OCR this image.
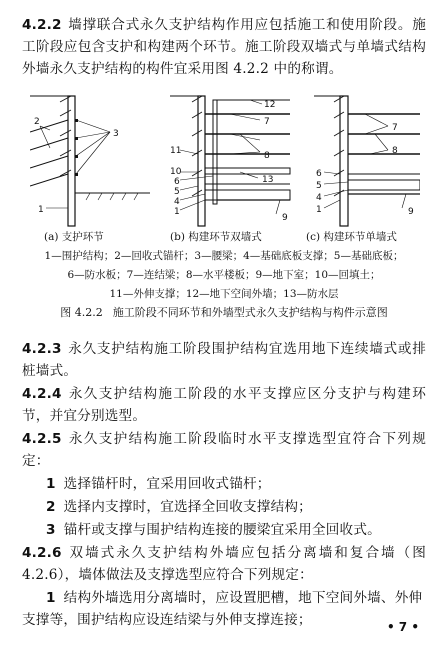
4.2.2 墙撑联合式永久支护结构作用应包括施工和使用阶段。施工阶段应包含支护和构建两个环节。施工阶段双墙式与单墙式结构外墙永久支护结构的构件宜采用图 4.2.2 中的称谓。
2
3
1
12
7
8
13
11
10
6
5
4
1
9
7
8
6
5
4
1	9
(a) 支护环节	(b) 构建环节双墙式	(c) 构建环节单墙式
1—围护结构；2—回收式锚杆；3—腰梁；4—基础底板支撑；5—基础底板；
6—防水板；7—连结梁；8—水平楼板；9—地下室；10—回填土；
11—外伸支撑；12—地下空间外墙；13—防水层
图 4.2.2 施工阶段不同环节和外墙型式永久支护结构与构件示意图
4.2.3 永久支护结构施工阶段围护结构宜选用地下连续墙式或排桩墙式。
4.2.4 永久支护结构施工阶段的水平支撑应区分支护与构建环节，并宜分别选型。
4.2.5 永久支护结构施工阶段临时水平支撑选型宜符合下列规定：
1 选择锚杆时，宜采用回收式锚杆；
2 选择内支撑时，宜选择全回收支撑结构；
3 锚杆或支撑与围护结构连接的腰梁宜采用全回收式。
4.2.6 双墙式永久支护结构外墙应包括分离墙和复合墙（图 4.2.6），墙体做法及支撑选型应符合下列规定：
1 结构外墙选用分离墙时，应设置肥槽，地下空间外墙、外伸支撑等，围护结构应设连结梁与外伸支撑连接；	• 7 •
